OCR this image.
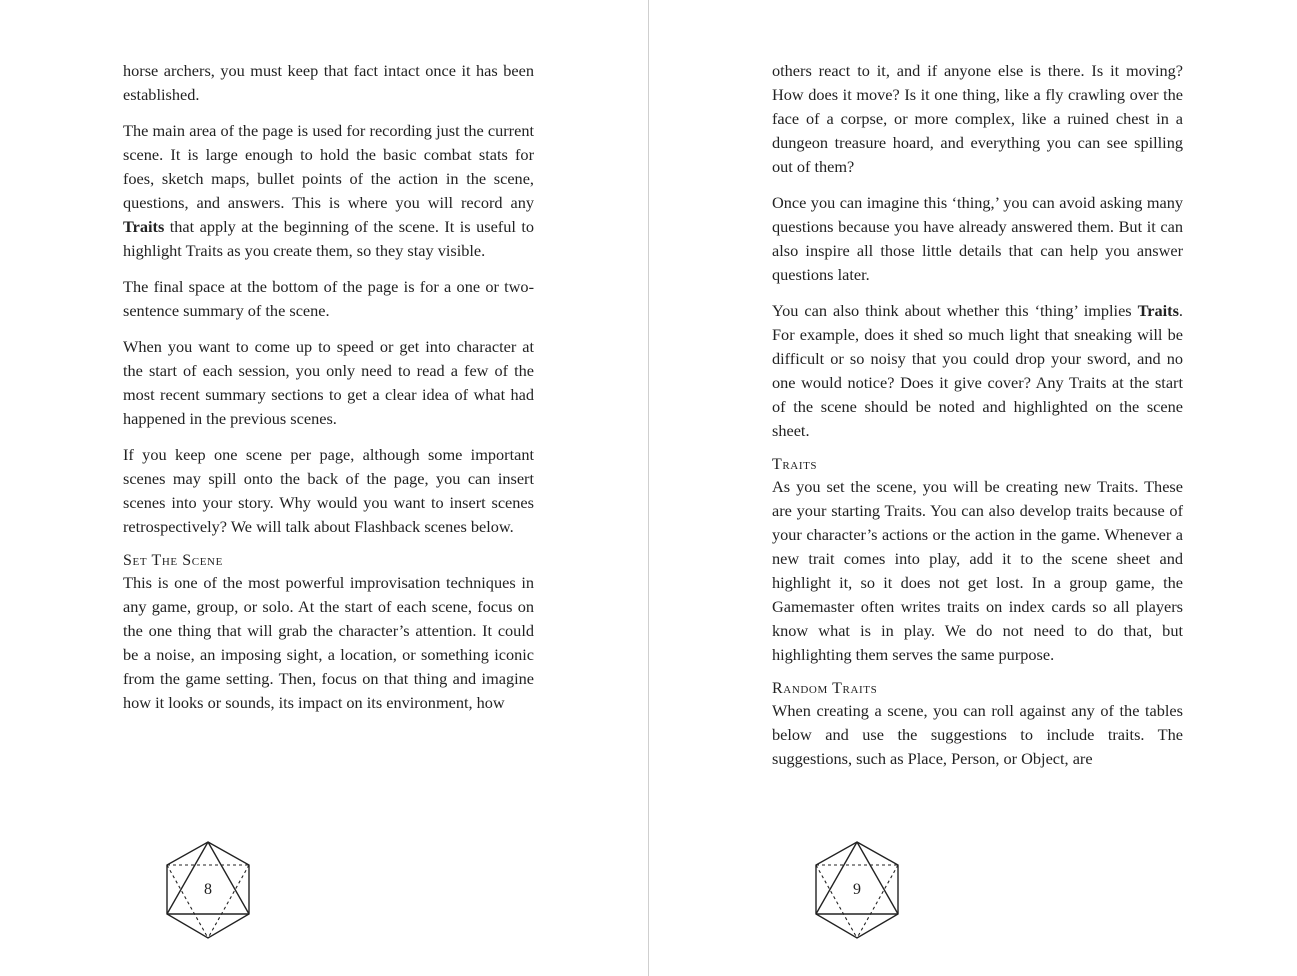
horse archers, you must keep that fact intact once it has been established.

The main area of the page is used for recording just the current scene. It is large enough to hold the basic combat stats for foes, sketch maps, bullet points of the action in the scene, questions, and answers. This is where you will record any Traits that apply at the beginning of the scene. It is useful to highlight Traits as you create them, so they stay visible.

The final space at the bottom of the page is for a one or two-sentence summary of the scene.

When you want to come up to speed or get into character at the start of each session, you only need to read a few of the most recent summary sections to get a clear idea of what had happened in the previous scenes.

If you keep one scene per page, although some important scenes may spill onto the back of the page, you can insert scenes into your story. Why would you want to insert scenes retrospectively? We will talk about Flashback scenes below.

Set The Scene

This is one of the most powerful improvisation techniques in any game, group, or solo. At the start of each scene, focus on the one thing that will grab the character’s attention. It could be a noise, an imposing sight, a location, or something iconic from the game setting. Then, focus on that thing and imagine how it looks or sounds, its impact on its environment, how

8

others react to it, and if anyone else is there. Is it moving? How does it move? Is it one thing, like a fly crawling over the face of a corpse, or more complex, like a ruined chest in a dungeon treasure hoard, and everything you can see spilling out of them?

Once you can imagine this ‘thing,’ you can avoid asking many questions because you have already answered them. But it can also inspire all those little details that can help you answer questions later.

You can also think about whether this ‘thing’ implies Traits. For example, does it shed so much light that sneaking will be difficult or so noisy that you could drop your sword, and no one would notice? Does it give cover? Any Traits at the start of the scene should be noted and highlighted on the scene sheet.

Traits

As you set the scene, you will be creating new Traits. These are your starting Traits. You can also develop traits because of your character’s actions or the action in the game. Whenever a new trait comes into play, add it to the scene sheet and highlight it, so it does not get lost. In a group game, the Gamemaster often writes traits on index cards so all players know what is in play. We do not need to do that, but highlighting them serves the same purpose.

Random Traits

When creating a scene, you can roll against any of the tables below and use the suggestions to include traits. The suggestions, such as Place, Person, or Object, are

9
